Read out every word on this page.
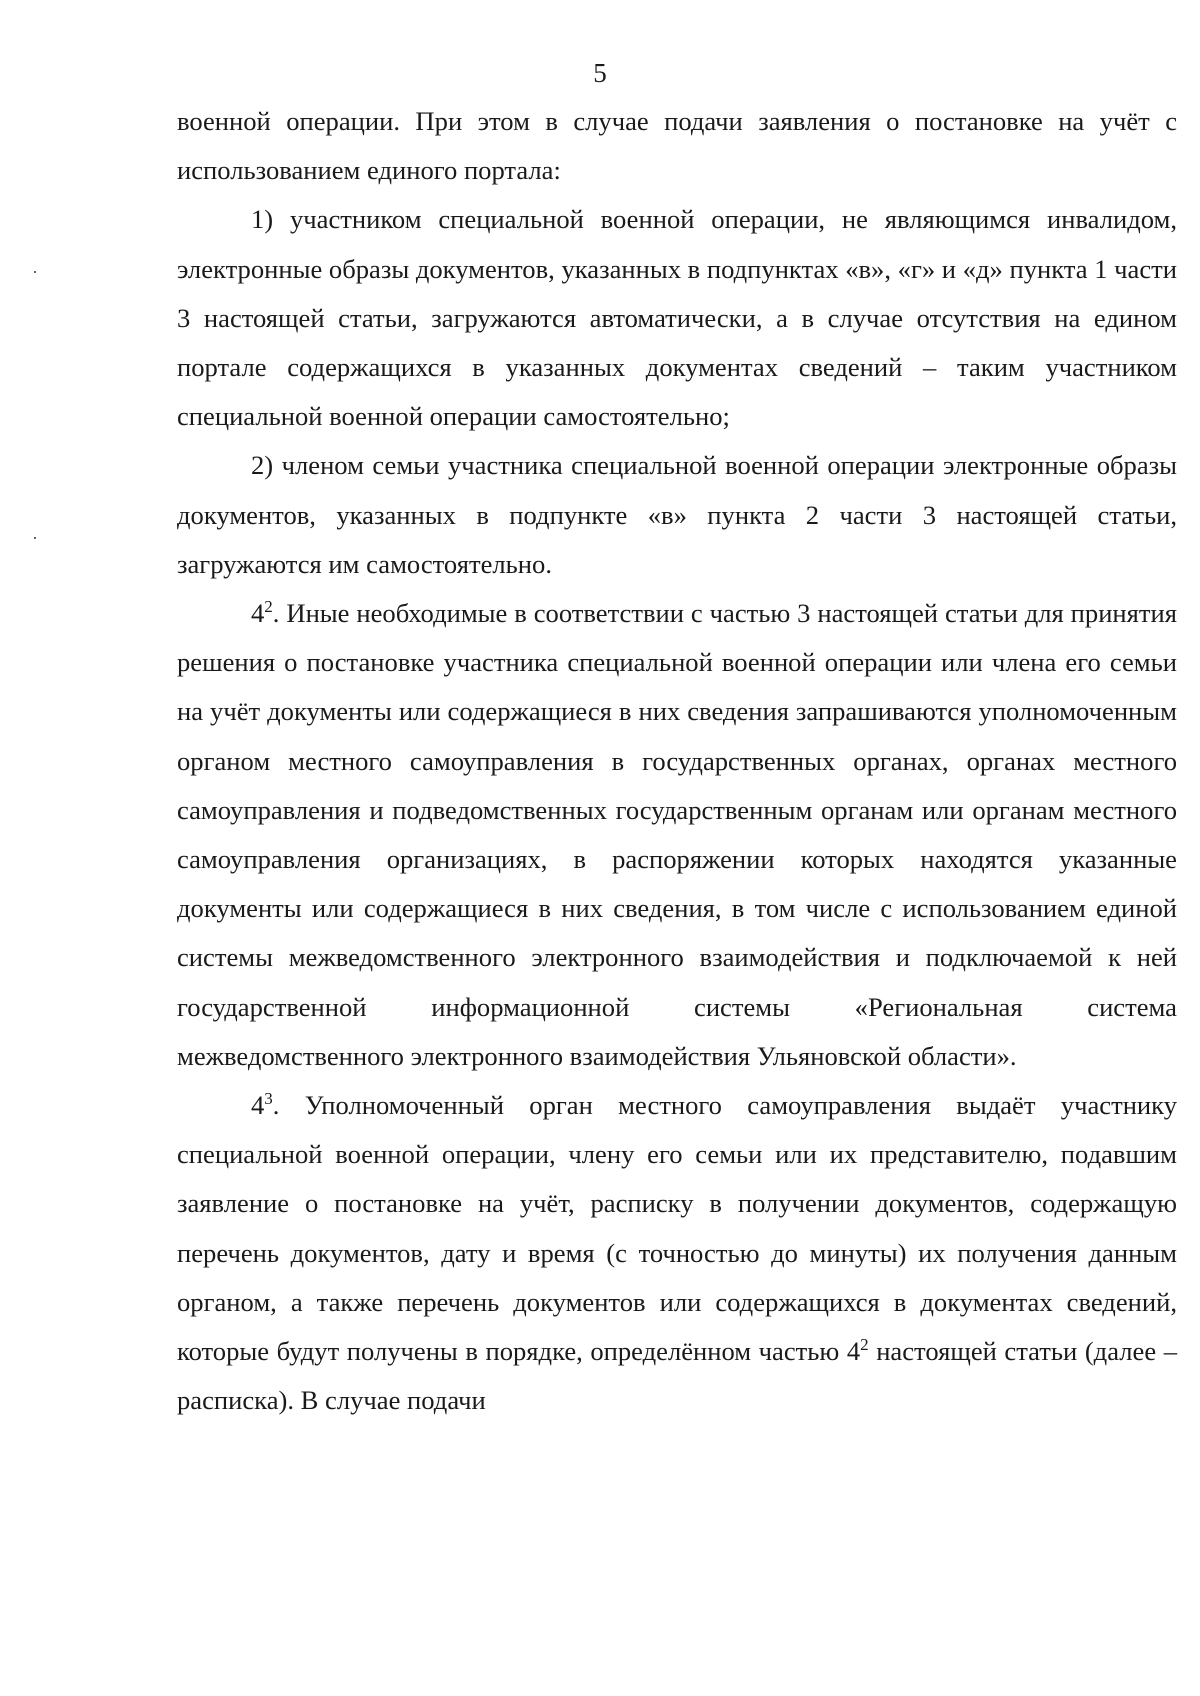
5

военной операции. При этом в случае подачи заявления о постановке на учёт с использованием единого портала:

1) участником специальной военной операции, не являющимся инвалидом, электронные образы документов, указанных в подпунктах «в», «г» и «д» пункта 1 части 3 настоящей статьи, загружаются автоматически, а в случае отсутствия на едином портале содержащихся в указанных документах сведений – таким участником специальной военной операции самостоятельно;

2) членом семьи участника специальной военной операции электронные образы документов, указанных в подпункте «в» пункта 2 части 3 настоящей статьи, загружаются им самостоятельно.

$4^2$. Иные необходимые в соответствии с частью 3 настоящей статьи для принятия решения о постановке участника специальной военной операции или члена его семьи на учёт документы или содержащиеся в них сведения запрашиваются уполномоченным органом местного самоуправления в государственных органах, органах местного самоуправления и подведомственных государственным органам или органам местного самоуправления организациях, в распоряжении которых находятся указанные документы или содержащиеся в них сведения, в том числе с использованием единой системы межведомственного электронного взаимодействия и подключаемой к ней государственной информационной системы «Региональная система межведомственного электронного взаимодействия Ульяновской области».

$4^3$. Уполномоченный орган местного самоуправления выдаёт участнику специальной военной операции, члену его семьи или их представителю, подавшим заявление о постановке на учёт, расписку в получении документов, содержащую перечень документов, дату и время (с точностью до минуты) их получения данным органом, а также перечень документов или содержащихся в документах сведений, которые будут получены в порядке, определённом частью $4^2$ настоящей статьи (далее – расписка). В случае подачи
